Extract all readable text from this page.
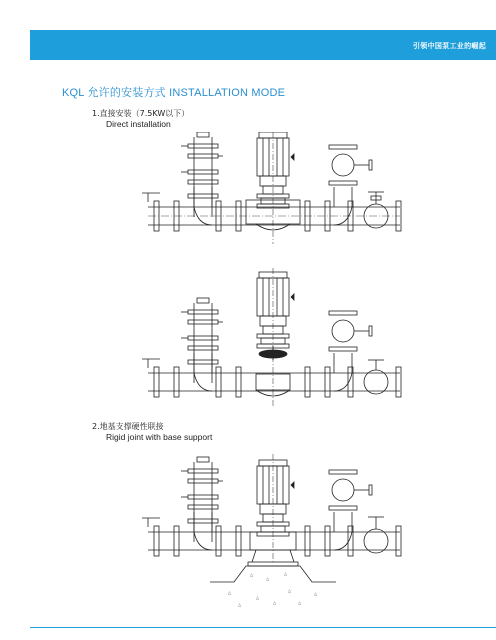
引领中国泵工业的崛起
KQL 允许的安装方式 INSTALLATION MODE
1.直接安装（7.5KW以下）
Direct installation
2.地基支撑硬性联接
Rigid joint with base support
△
△
△
△
△
△
△
△	△	△
